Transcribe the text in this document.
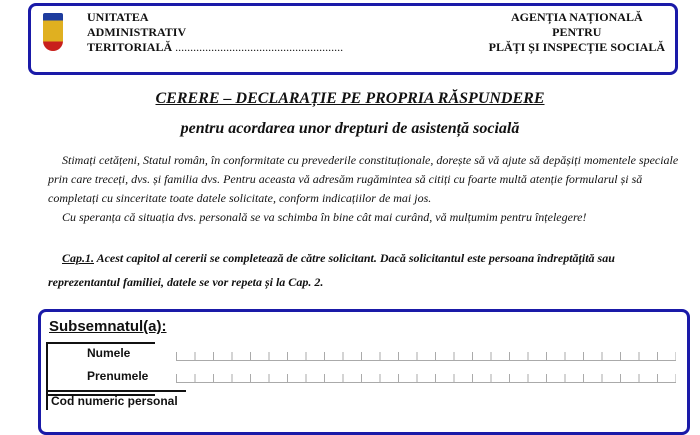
UNITATEA
ADMINISTRATIV
TERITORIALĂ ........................................................
AGENȚIA NAȚIONALĂ
PENTRU
PLĂȚI ȘI INSPECȚIE SOCIALĂ
CERERE – DECLARAȚIE PE PROPRIA RĂSPUNDERE
pentru acordarea unor drepturi de asistență socială

Stimați cetățeni, Statul român, în conformitate cu prevederile constituționale, dorește să vă ajute să depășiți momentele speciale prin care treceți, dvs. și familia dvs. Pentru aceasta vă adresăm rugămintea să citiți cu foarte multă atenție formularul și să completați cu sinceritate toate datele solicitate, conform indicațiilor de mai jos.

Cu speranța că situația dvs. personală se va schimba în bine cât mai curând, vă mulțumim pentru înțelegere!

Cap.1. Acest capitol al cererii se completează de către solicitant. Dacă solicitantul este persoana îndreptățită sau reprezentantul familiei, datele se vor repeta și la Cap. 2.
Subsemnatul(a):
Numele
Prenumele
Cod numeric personal
